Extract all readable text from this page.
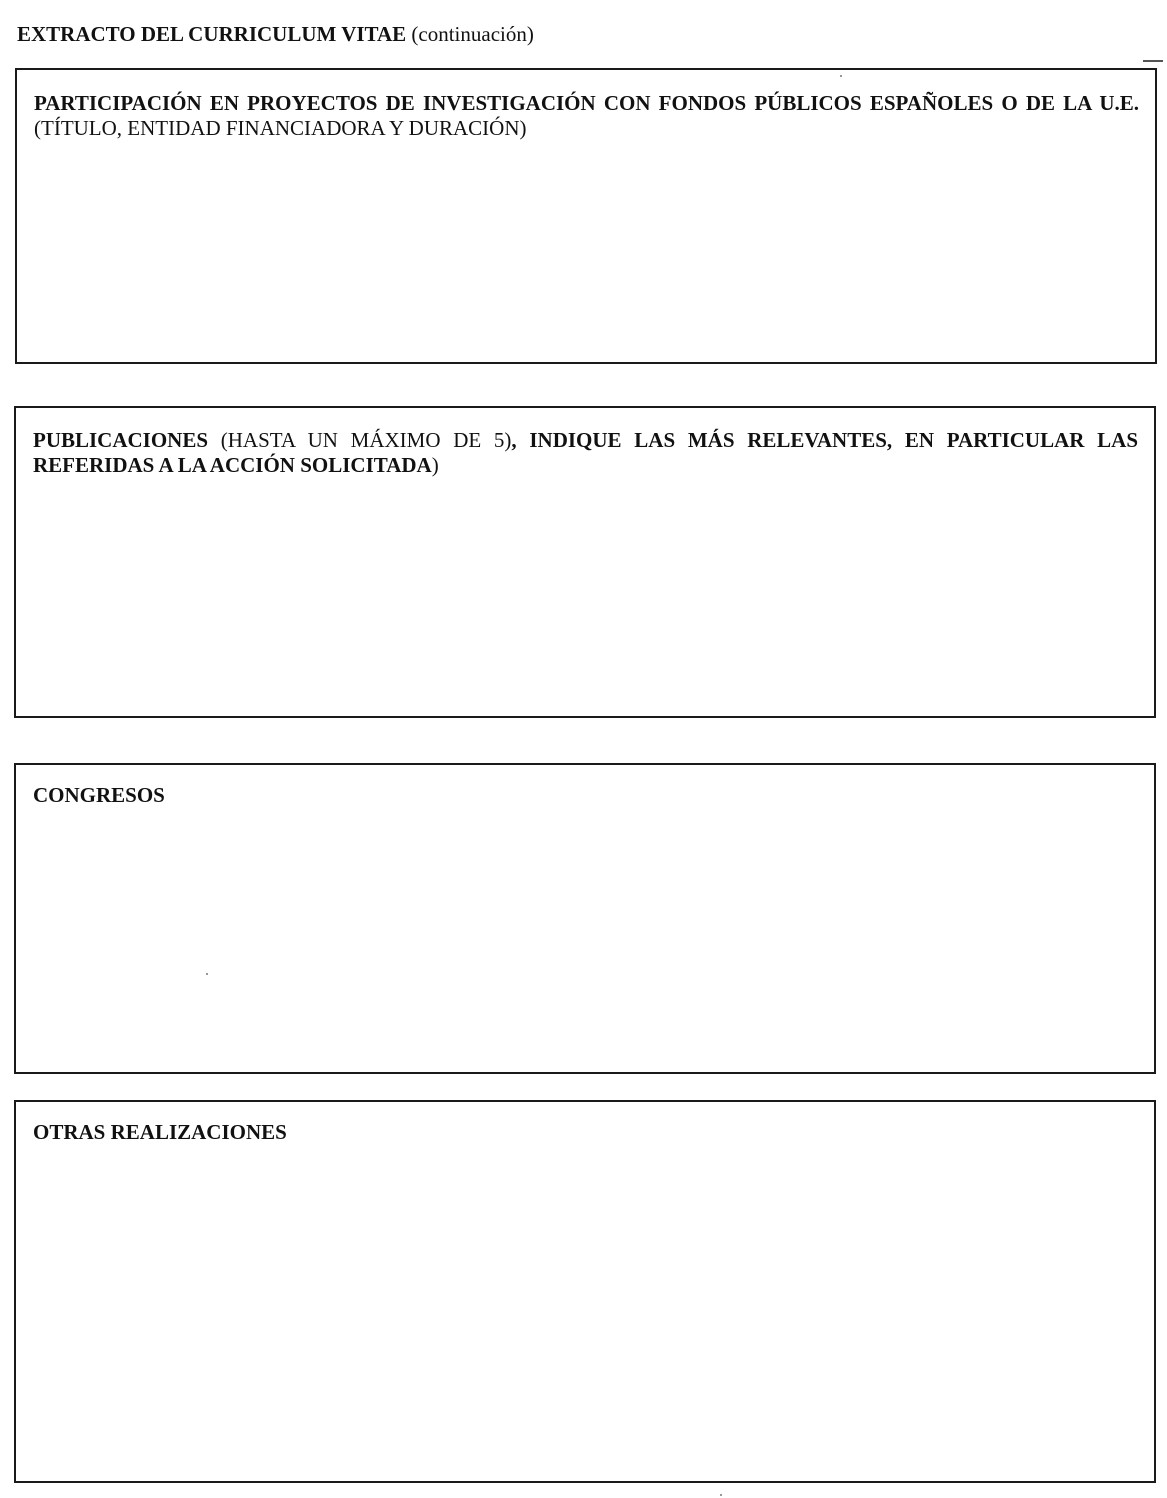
EXTRACTO DEL CURRICULUM VITAE (continuación)
PARTICIPACIÓN EN PROYECTOS DE INVESTIGACIÓN CON FONDOS PÚBLICOS ESPAÑOLES O DE LA U.E. (TÍTULO, ENTIDAD FINANCIADORA Y DURACIÓN)
PUBLICACIONES (HASTA UN MÁXIMO DE 5), INDIQUE LAS MÁS RELEVANTES, EN PARTICULAR LAS REFERIDAS A LA ACCIÓN SOLICITADA)
CONGRESOS
OTRAS REALIZACIONES
